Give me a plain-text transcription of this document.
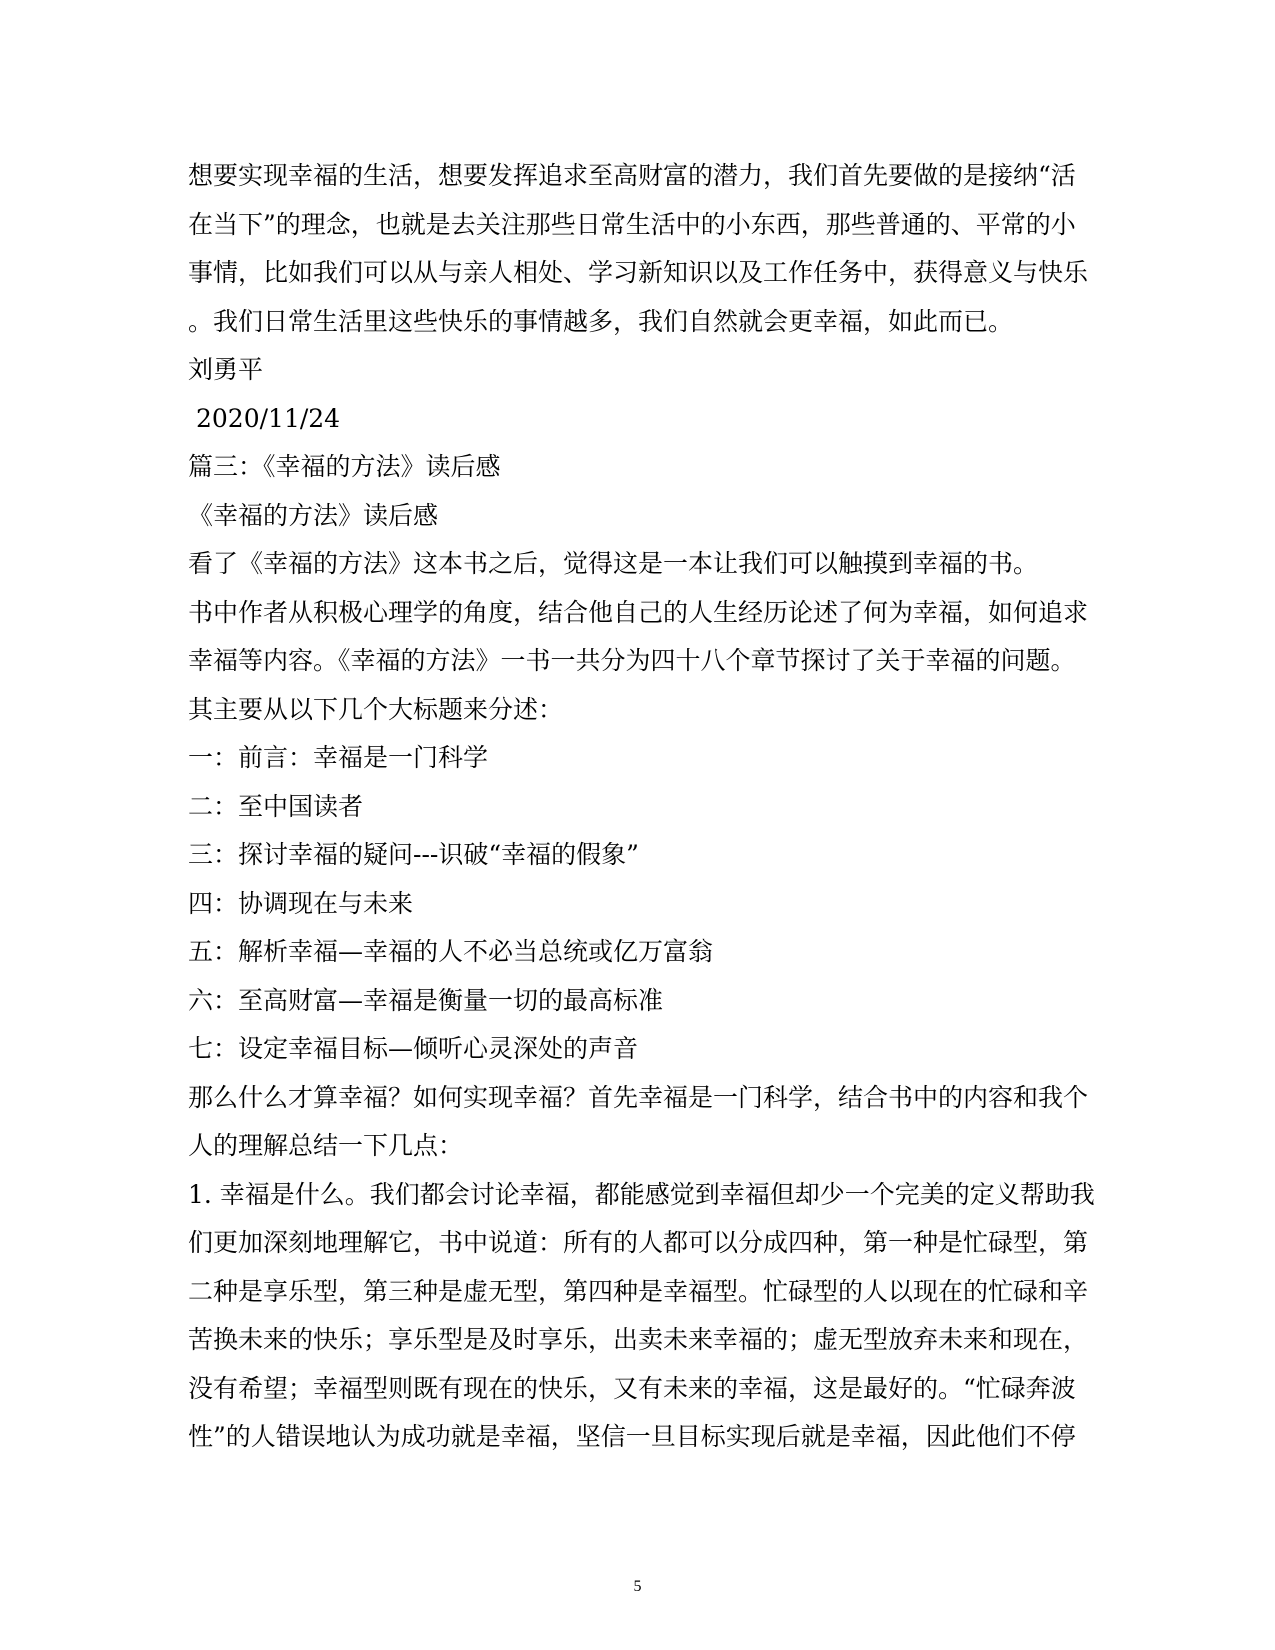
想要实现幸福的生活，想要发挥追求至高财富的潜力，我们首先要做的是接纳“活
在当下”的理念，也就是去关注那些日常生活中的小东西，那些普通的、平常的小
事情，比如我们可以从与亲人相处、学习新知识以及工作任务中，获得意义与快乐
。我们日常生活里这些快乐的事情越多，我们自然就会更幸福，如此而已。
刘勇平
2020/11/24
篇三：《幸福的方法》读后感
《幸福的方法》读后感
看了《幸福的方法》这本书之后，觉得这是一本让我们可以触摸到幸福的书。
书中作者从积极心理学的角度，结合他自己的人生经历论述了何为幸福，如何追求
幸福等内容。《幸福的方法》一书一共分为四十八个章节探讨了关于幸福的问题。
其主要从以下几个大标题来分述：
一：前言：幸福是一门科学
二：至中国读者
三：探讨幸福的疑问---识破“幸福的假象”
四：协调现在与未来
五：解析幸福—幸福的人不必当总统或亿万富翁
六：至高财富—幸福是衡量一切的最高标准
七：设定幸福目标—倾听心灵深处的声音
那么什么才算幸福？如何实现幸福？首先幸福是一门科学，结合书中的内容和我个
人的理解总结一下几点：
1. 幸福是什么。我们都会讨论幸福，都能感觉到幸福但却少一个完美的定义帮助我
们更加深刻地理解它，书中说道：所有的人都可以分成四种，第一种是忙碌型，第
二种是享乐型，第三种是虚无型，第四种是幸福型。忙碌型的人以现在的忙碌和辛
苦换未来的快乐；享乐型是及时享乐，出卖未来幸福的；虚无型放弃未来和现在，
没有希望；幸福型则既有现在的快乐，又有未来的幸福，这是最好的。“忙碌奔波
性”的人错误地认为成功就是幸福，坚信一旦目标实现后就是幸福，因此他们不停
5
